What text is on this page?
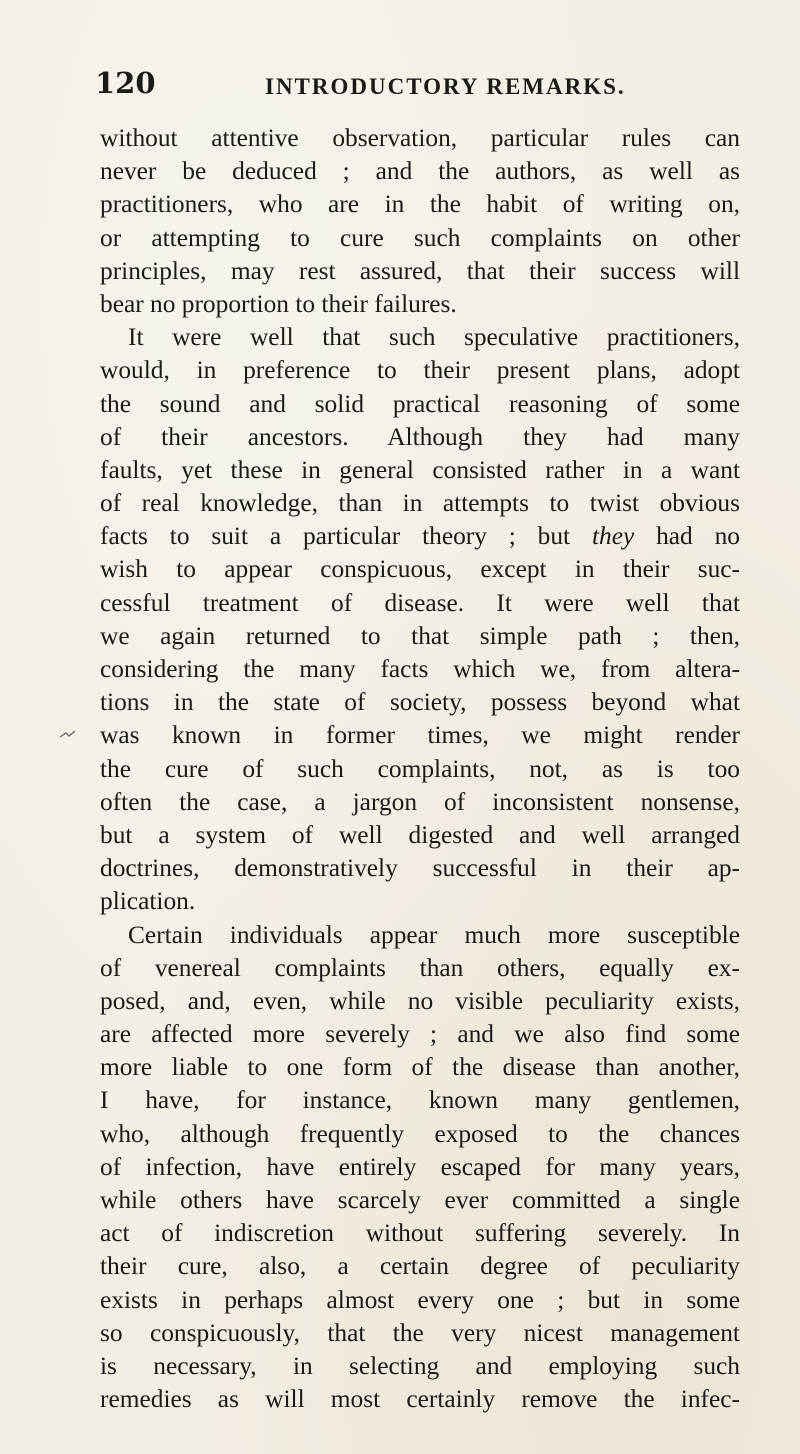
120	INTRODUCTORY REMARKS.
without attentive observation, particular rules can
never be deduced ; and the authors, as well as
practitioners, who are in the habit of writing on,
or attempting to cure such complaints on other
principles, may rest assured, that their success will
bear no proportion to their failures.
It were well that such speculative practitioners,
would, in preference to their present plans, adopt
the sound and solid practical reasoning of some
of their ancestors. Although they had many
faults, yet these in general consisted rather in a want
of real knowledge, than in attempts to twist obvious
facts to suit a particular theory ; but they had no
wish to appear conspicuous, except in their suc-
cessful treatment of disease. It were well that
we again returned to that simple path ; then,
considering the many facts which we, from altera-
tions in the state of society, possess beyond what
was known in former times, we might render
the cure of such complaints, not, as is too
often the case, a jargon of inconsistent nonsense,
but a system of well digested and well arranged
doctrines, demonstratively successful in their ap-
plication.
Certain individuals appear much more susceptible
of venereal complaints than others, equally ex-
posed, and, even, while no visible peculiarity exists,
are affected more severely ; and we also find some
more liable to one form of the disease than another,
I have, for instance, known many gentlemen,
who, although frequently exposed to the chances
of infection, have entirely escaped for many years,
while others have scarcely ever committed a single
act of indiscretion without suffering severely. In
their cure, also, a certain degree of peculiarity
exists in perhaps almost every one ; but in some
so conspicuously, that the very nicest management
is necessary, in selecting and employing such
remedies as will most certainly remove the infec-
